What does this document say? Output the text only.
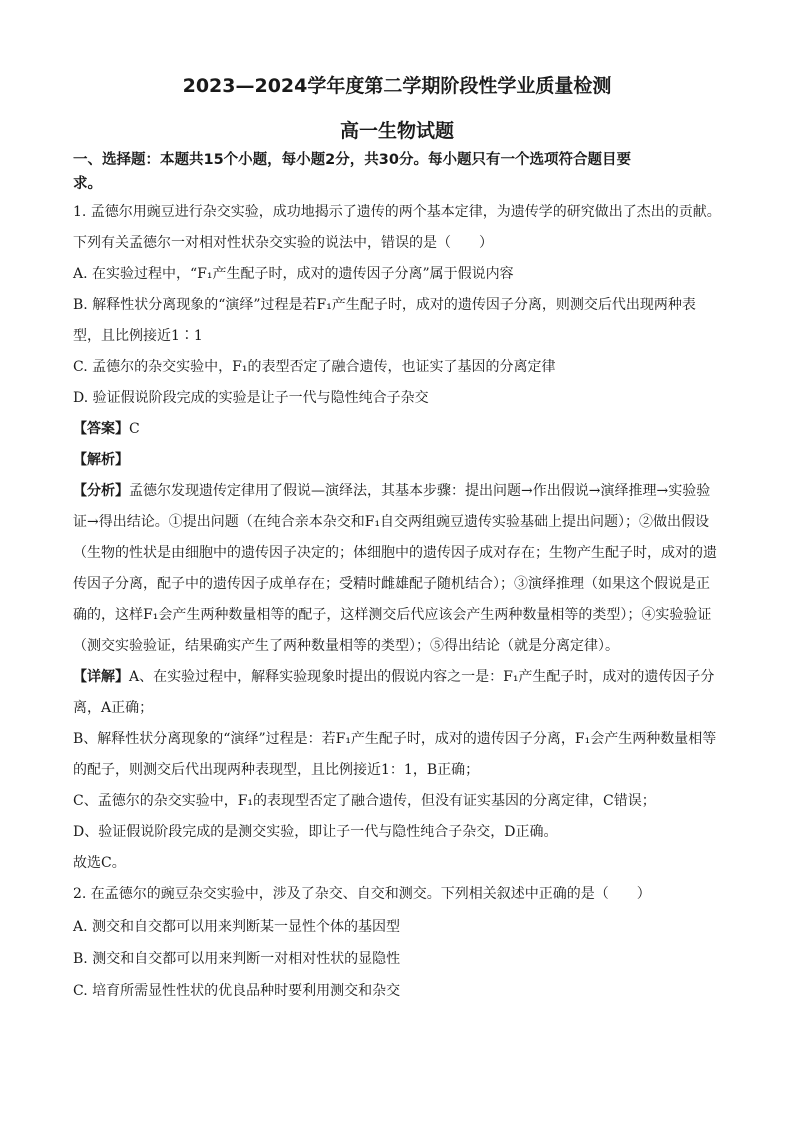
2023—2024学年度第二学期阶段性学业质量检测
高一生物试题
一、选择题：本题共15个小题，每小题2分，共30分。每小题只有一个选项符合题目要
求。
1. 孟德尔用豌豆进行杂交实验，成功地揭示了遗传的两个基本定律，为遗传学的研究做出了杰出的贡献。
下列有关孟德尔一对相对性状杂交实验的说法中，错误的是（　　）
A. 在实验过程中，“F₁产生配子时，成对的遗传因子分离”属于假说内容
B. 解释性状分离现象的“演绎”过程是若F₁产生配子时，成对的遗传因子分离，则测交后代出现两种表
型，且比例接近1∶1
C. 孟德尔的杂交实验中，F₁的表型否定了融合遗传，也证实了基因的分离定律
D. 验证假说阶段完成的实验是让子一代与隐性纯合子杂交
【答案】C
【解析】
【分析】孟德尔发现遗传定律用了假说—演绎法，其基本步骤：提出问题→作出假说→演绎推理→实验验
证→得出结论。①提出问题（在纯合亲本杂交和F₁自交两组豌豆遗传实验基础上提出问题）；②做出假设
（生物的性状是由细胞中的遗传因子决定的；体细胞中的遗传因子成对存在；生物产生配子时，成对的遗
传因子分离，配子中的遗传因子成单存在；受精时雌雄配子随机结合）；③演绎推理（如果这个假说是正
确的，这样F₁会产生两种数量相等的配子，这样测交后代应该会产生两种数量相等的类型）；④实验验证
（测交实验验证，结果确实产生了两种数量相等的类型）；⑤得出结论（就是分离定律）。
【详解】A、在实验过程中，解释实验现象时提出的假说内容之一是：F₁产生配子时，成对的遗传因子分
离，A正确；
B、解释性状分离现象的“演绎”过程是：若F₁产生配子时，成对的遗传因子分离，F₁会产生两种数量相等
的配子，则测交后代出现两种表现型，且比例接近1：1，B正确；
C、孟德尔的杂交实验中，F₁的表现型否定了融合遗传，但没有证实基因的分离定律，C错误；
D、验证假说阶段完成的是测交实验，即让子一代与隐性纯合子杂交，D正确。
故选C。
2. 在孟德尔的豌豆杂交实验中，涉及了杂交、自交和测交。下列相关叙述中正确的是（　　）
A. 测交和自交都可以用来判断某一显性个体的基因型
B. 测交和自交都可以用来判断一对相对性状的显隐性
C. 培育所需显性性状的优良品种时要利用测交和杂交
